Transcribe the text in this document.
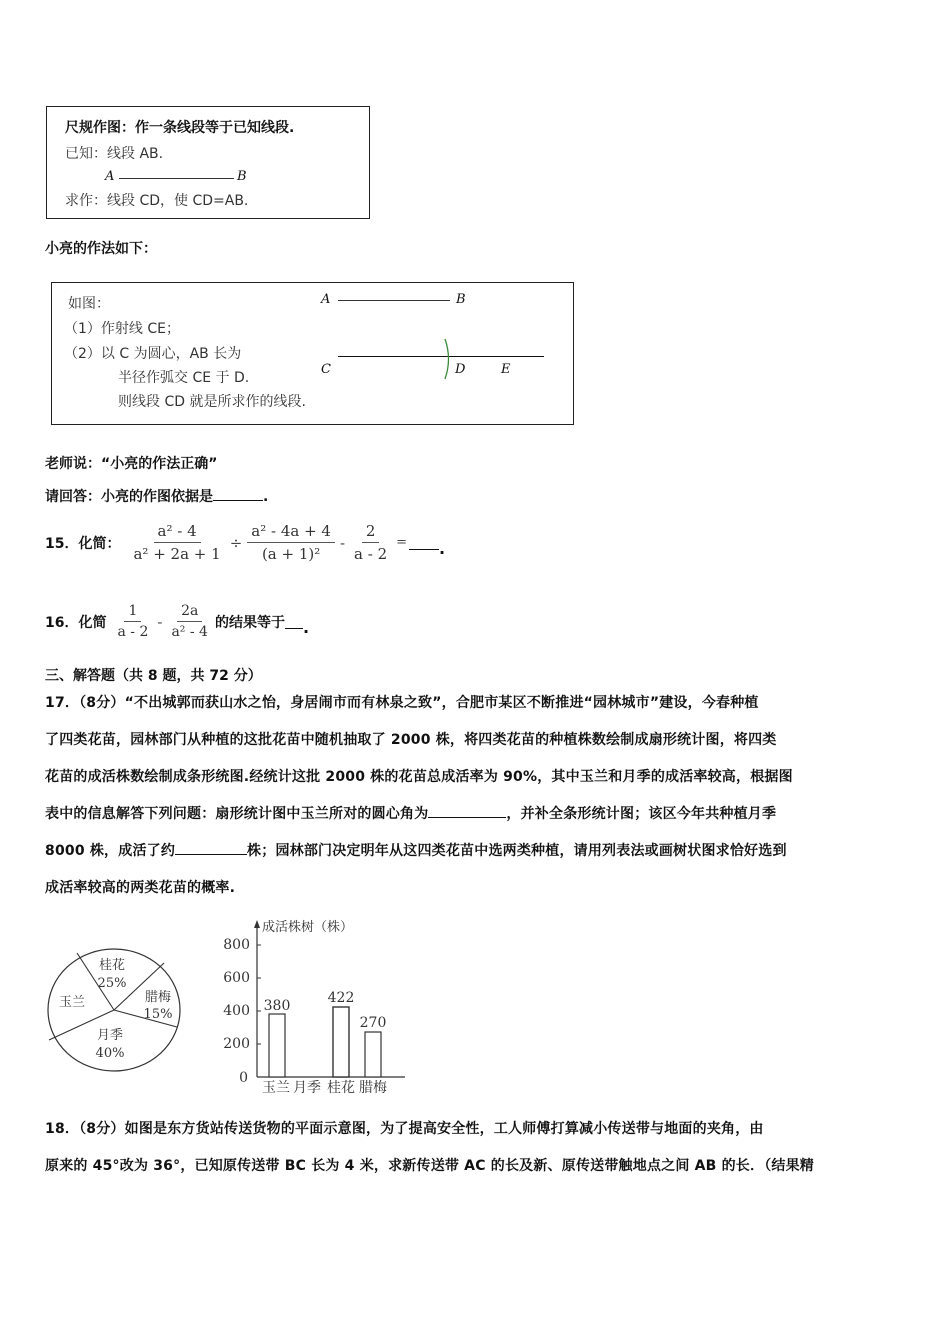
尺规作图：作一条线段等于已知线段.
已知：线段 AB.
A	B
求作：线段 CD，使 CD=AB.
小亮的作法如下：
如图：
（1）作射线 CE；
（2）以 C 为圆心，AB 长为
半径作弧交 CE 于 D.
则线段 CD 就是所求作的线段.
A	B
C	D	E
老师说：“小亮的作法正确”
请回答：小亮的作图依据是	.
15．化简： $\frac{\text{a² - 4}}{\text{a² + 2a + 1}} \div \frac{\text{a² - 4a + 4}}{\text{(a + 1)²}} - \frac{2}{a - 2}$ = .
16．化简 $\frac{1}{a - 2} - \frac{2a}{\text{a² - 4}}$ 的结果等于 .
三、解答题（共 8 题，共 72 分）
17．（8分）“不出城郭而获山水之怡，身居闹市而有林泉之致”，合肥市某区不断推进“园林城市”建设，今春种植
了四类花苗，园林部门从种植的这批花苗中随机抽取了 2000 株，将四类花苗的种植株数绘制成扇形统计图，将四类
花苗的成活株数绘制成条形统图.经统计这批 2000 株的花苗总成活率为 90%，其中玉兰和月季的成活率较高，根据图
表中的信息解答下列问题：扇形统计图中玉兰所对的圆心角为	，并补全条形统计图；该区今年共种植月季
8000 株，成活了约	株；园林部门决定明年从这四类花苗中选两类种植，请用列表法或画树状图求恰好选到
成活率较高的两类花苗的概率.
桂花
25%
腊梅
15%
玉兰
月季
40%
成活株树（株）
800
600
400
200
0
380	422
270
玉兰 月季 桂花 腊梅
18．（8分）如图是东方货站传送货物的平面示意图，为了提高安全性，工人师傅打算减小传送带与地面的夹角，由
原来的 45°改为 36°，已知原传送带 BC 长为 4 米，求新传送带 AC 的长及新、原传送带触地点之间 AB 的长．（结果精
